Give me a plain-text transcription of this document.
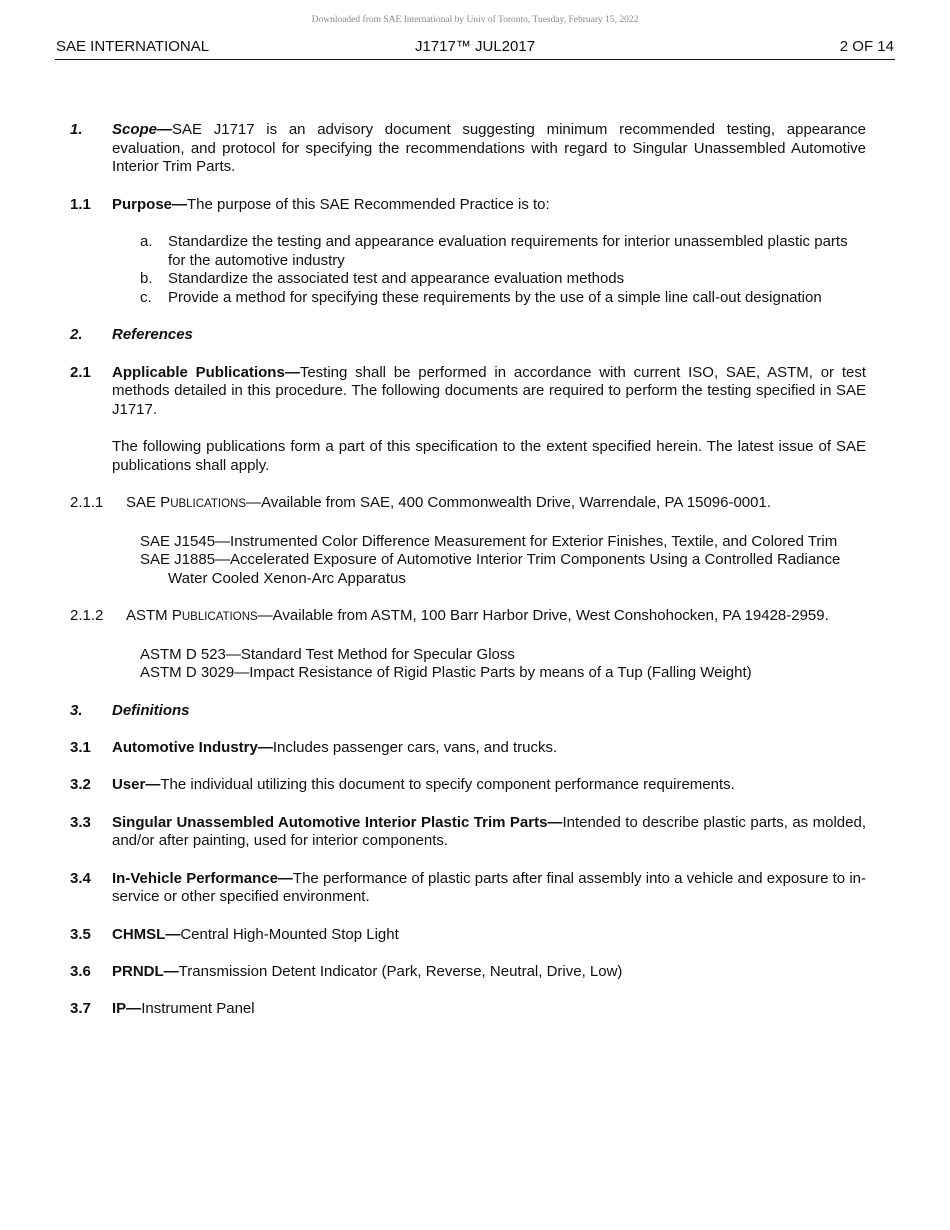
Downloaded from SAE International by Univ of Toronto, Tuesday, February 15, 2022
SAE INTERNATIONAL	J1717™ JUL2017	2 OF 14
1.	Scope—SAE J1717 is an advisory document suggesting minimum recommended testing, appearance evaluation, and protocol for specifying the recommendations with regard to Singular Unassembled Automotive Interior Trim Parts.
1.1	Purpose—The purpose of this SAE Recommended Practice is to:
a.	Standardize the testing and appearance evaluation requirements for interior unassembled plastic parts for the automotive industry
b.	Standardize the associated test and appearance evaluation methods
c.	Provide a method for specifying these requirements by the use of a simple line call-out designation
2.	References
2.1	Applicable Publications—Testing shall be performed in accordance with current ISO, SAE, ASTM, or test methods detailed in this procedure. The following documents are required to perform the testing specified in SAE J1717.
The following publications form a part of this specification to the extent specified herein. The latest issue of SAE publications shall apply.
2.1.1	SAE PUBLICATIONS—Available from SAE, 400 Commonwealth Drive, Warrendale, PA 15096-0001.
SAE J1545—Instrumented Color Difference Measurement for Exterior Finishes, Textile, and Colored Trim
SAE J1885—Accelerated Exposure of Automotive Interior Trim Components Using a Controlled Radiance Water Cooled Xenon-Arc Apparatus
2.1.2	ASTM PUBLICATIONS—Available from ASTM, 100 Barr Harbor Drive, West Conshohocken, PA 19428-2959.
ASTM D 523—Standard Test Method for Specular Gloss
ASTM D 3029—Impact Resistance of Rigid Plastic Parts by means of a Tup (Falling Weight)
3.	Definitions
3.1	Automotive Industry—Includes passenger cars, vans, and trucks.
3.2	User—The individual utilizing this document to specify component performance requirements.
3.3	Singular Unassembled Automotive Interior Plastic Trim Parts—Intended to describe plastic parts, as molded, and/or after painting, used for interior components.
3.4	In-Vehicle Performance—The performance of plastic parts after final assembly into a vehicle and exposure to in-service or other specified environment.
3.5	CHMSL—Central High-Mounted Stop Light
3.6	PRNDL—Transmission Detent Indicator (Park, Reverse, Neutral, Drive, Low)
3.7	IP—Instrument Panel
